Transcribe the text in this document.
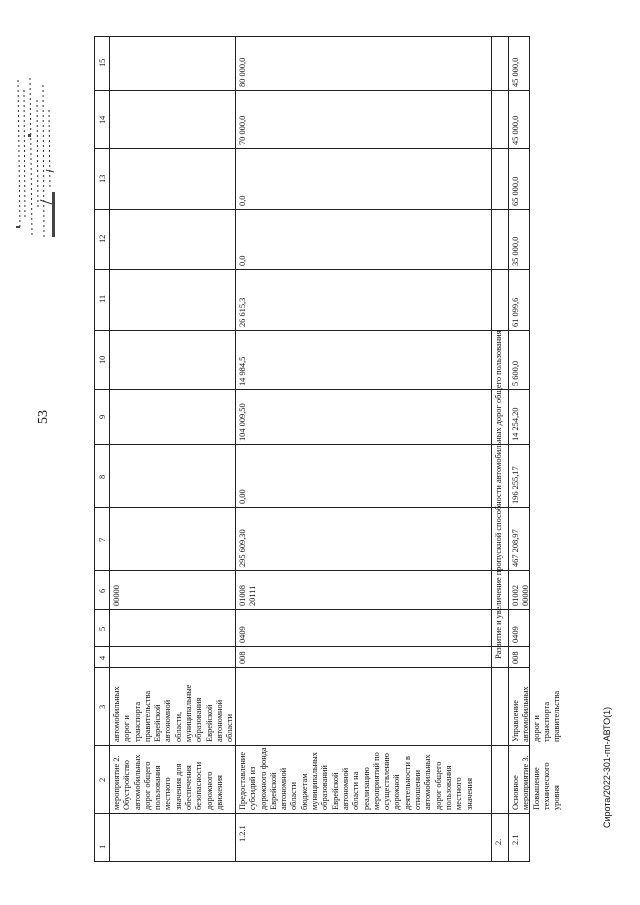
53
1
2
3
4
5
6
7
8
9
10
11
12
13
14
15
мероприятие 2.
Обустройство
автомобильных
дорог общего
пользования
местного
значения для
обеспечения
безопасности
дорожного
движения
автомобильных
дорог и
транспорта
правительства
Еврейской
автономной
области,
муниципальные
образования
Еврейской
автономной
области
00000
1.2.1
Предоставление
субсидий из
дорожного фонда
Еврейской
автономной
области
бюджетам
муниципальных
образований
Еврейской
автономной
области на
реализацию
мероприятий по
осуществлению
дорожной
деятельности в
отношении
автомобильных
дорог общего
пользования
местного
значения
008
0409
01008
20111
295 609,30
0,00
104 009,50
14 984,5
26 615,3
0,0
0,0
70 000,0
80 000,0
2.
Развитие и увеличение пропускной способности автомобильных дорог общего пользования
2.1
Основное
мероприятие 3.
Повышение
технического
уровня
Управление
автомобильных
дорог и
транспорта
правительства
008
0409
01002
00000
467 208,97
196 255,17
14 254,20
5 600,0
61 099,6
35 000,0
65 000,0
45 000,0
45 000,0
Сирота/2022-301-пп-АВТО(1)
